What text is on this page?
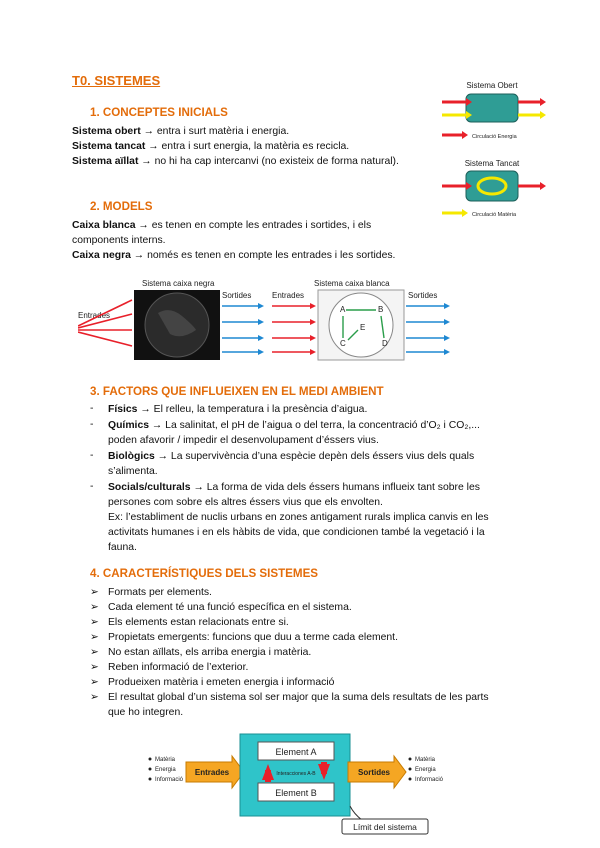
T0. SISTEMES
1. CONCEPTES INICIALS
Sistema obert → entra i surt matèria i energia.
Sistema tancat → entra i surt energia, la matèria es recicla.
Sistema aïllat → no hi ha cap intercanvi (no existeix de forma natural).
Sistema Obert
Circulació Energia
Sistema Tancat
Circulació Matèria
2. MODELS
Caixa blanca → es tenen en compte les entrades i sortides, i els
components interns.
Caixa negra → només es tenen en compte les entrades i les sortides.
Entrades
Sistema caixa negra
Sortides	Entrades
Sistema caixa blanca
A	B
C	D
E
Sortides
3. FACTORS QUE INFLUEIXEN EN EL MEDI AMBIENT
- Físics → El relleu, la temperatura i la presència d’aigua.
- Químics → La salinitat, el pH de l’aigua o del terra, la concentració d’O₂ i CO₂,...
poden afavorir / impedir el desenvolupament d’éssers vius.
- Biològics → La supervivència d’una espècie depèn dels éssers vius dels quals
s’alimenta.
- Socials/culturals → La forma de vida dels éssers humans influeix tant sobre les
persones com sobre els altres éssers vius que els envolten.
Ex: l’establiment de nuclis urbans en zones antigament rurals implica canvis en les
activitats humanes i en els hàbits de vida, que condicionen també la vegetació i la
fauna.
4. CARACTERÍSTIQUES DELS SISTEMES
➢ Formats per elements.
➢ Cada element té una funció específica en el sistema.
➢ Els elements estan relacionats entre si.
➢ Propietats emergents: funcions que duu a terme cada element.
➢ No estan aïllats, els arriba energia i matèria.
➢ Reben informació de l’exterior.
➢ Produeixen matèria i emeten energia i informació
➢ El resultat global d’un sistema sol ser major que la suma dels resultats de les parts
que ho integren.
Matèria
Energia
Informació
Entrades
Element A
Element B
Interacciones A-B	Sortides
Matèria
Energia
Informació
Límit del sistema
